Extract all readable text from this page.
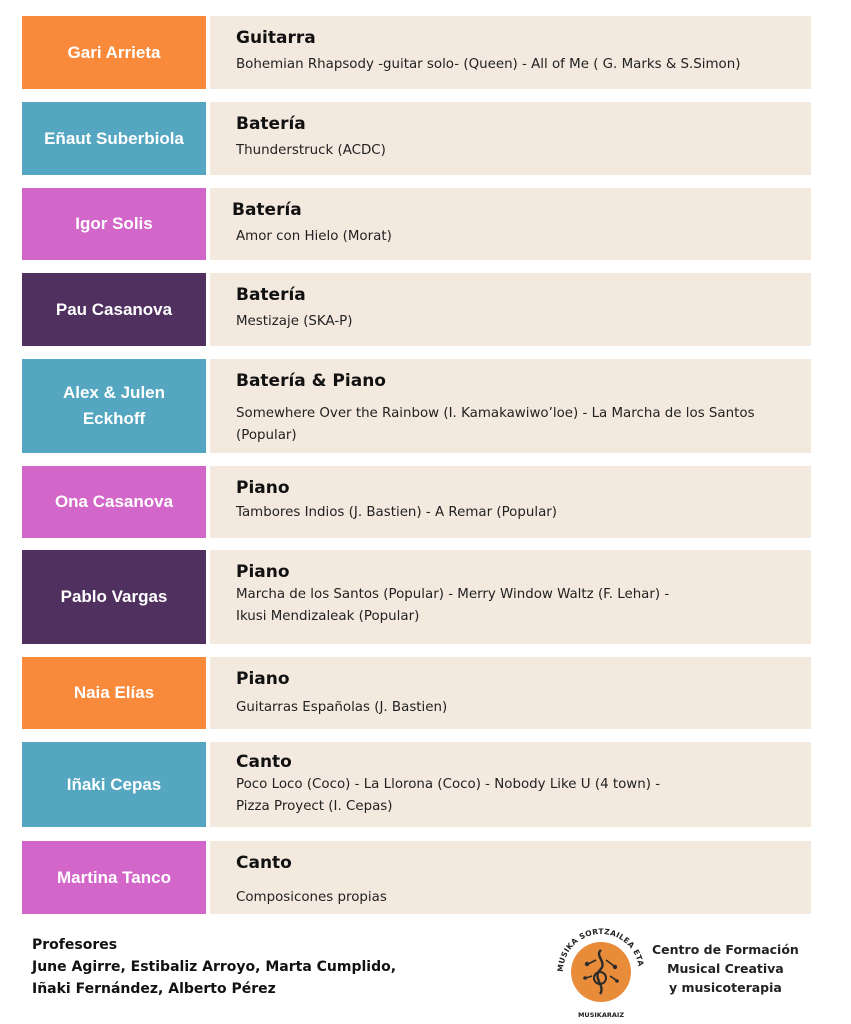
Gari Arrieta
Guitarra
Bohemian Rhapsody -guitar solo- (Queen) - All of Me ( G. Marks & S.Simon)
Eñaut Suberbiola
Batería
Thunderstruck (ACDC)
Igor Solis
Batería
Amor con Hielo (Morat)
Pau Casanova
Batería
Mestizaje (SKA-P)
Alex & Julen Eckhoff
Batería & Piano
Somewhere Over the Rainbow (I. Kamakawiwo’loe) - La Marcha de los Santos (Popular)
Ona Casanova
Piano
Tambores Indios (J. Bastien) - A Remar (Popular)
Pablo Vargas
Piano
Marcha de los Santos (Popular) - Merry Window Waltz (F. Lehar) - Ikusi Mendizaleak (Popular)
Naia Elías
Piano
Guitarras Españolas (J. Bastien)
Iñaki Cepas
Canto
Poco Loco (Coco) - La Llorona (Coco) - Nobody Like U (4 town) - Pizza Proyect (I. Cepas)
Martina Tanco
Canto
Composicones propias
Profesores
June Agirre, Estibaliz Arroyo, Marta Cumplido,
Iñaki Fernández, Alberto Pérez
MUSIKA SORTZAILEA ETA
MUSIKARAIZ
Centro de Formación
Musical Creativa
y musicoterapia
